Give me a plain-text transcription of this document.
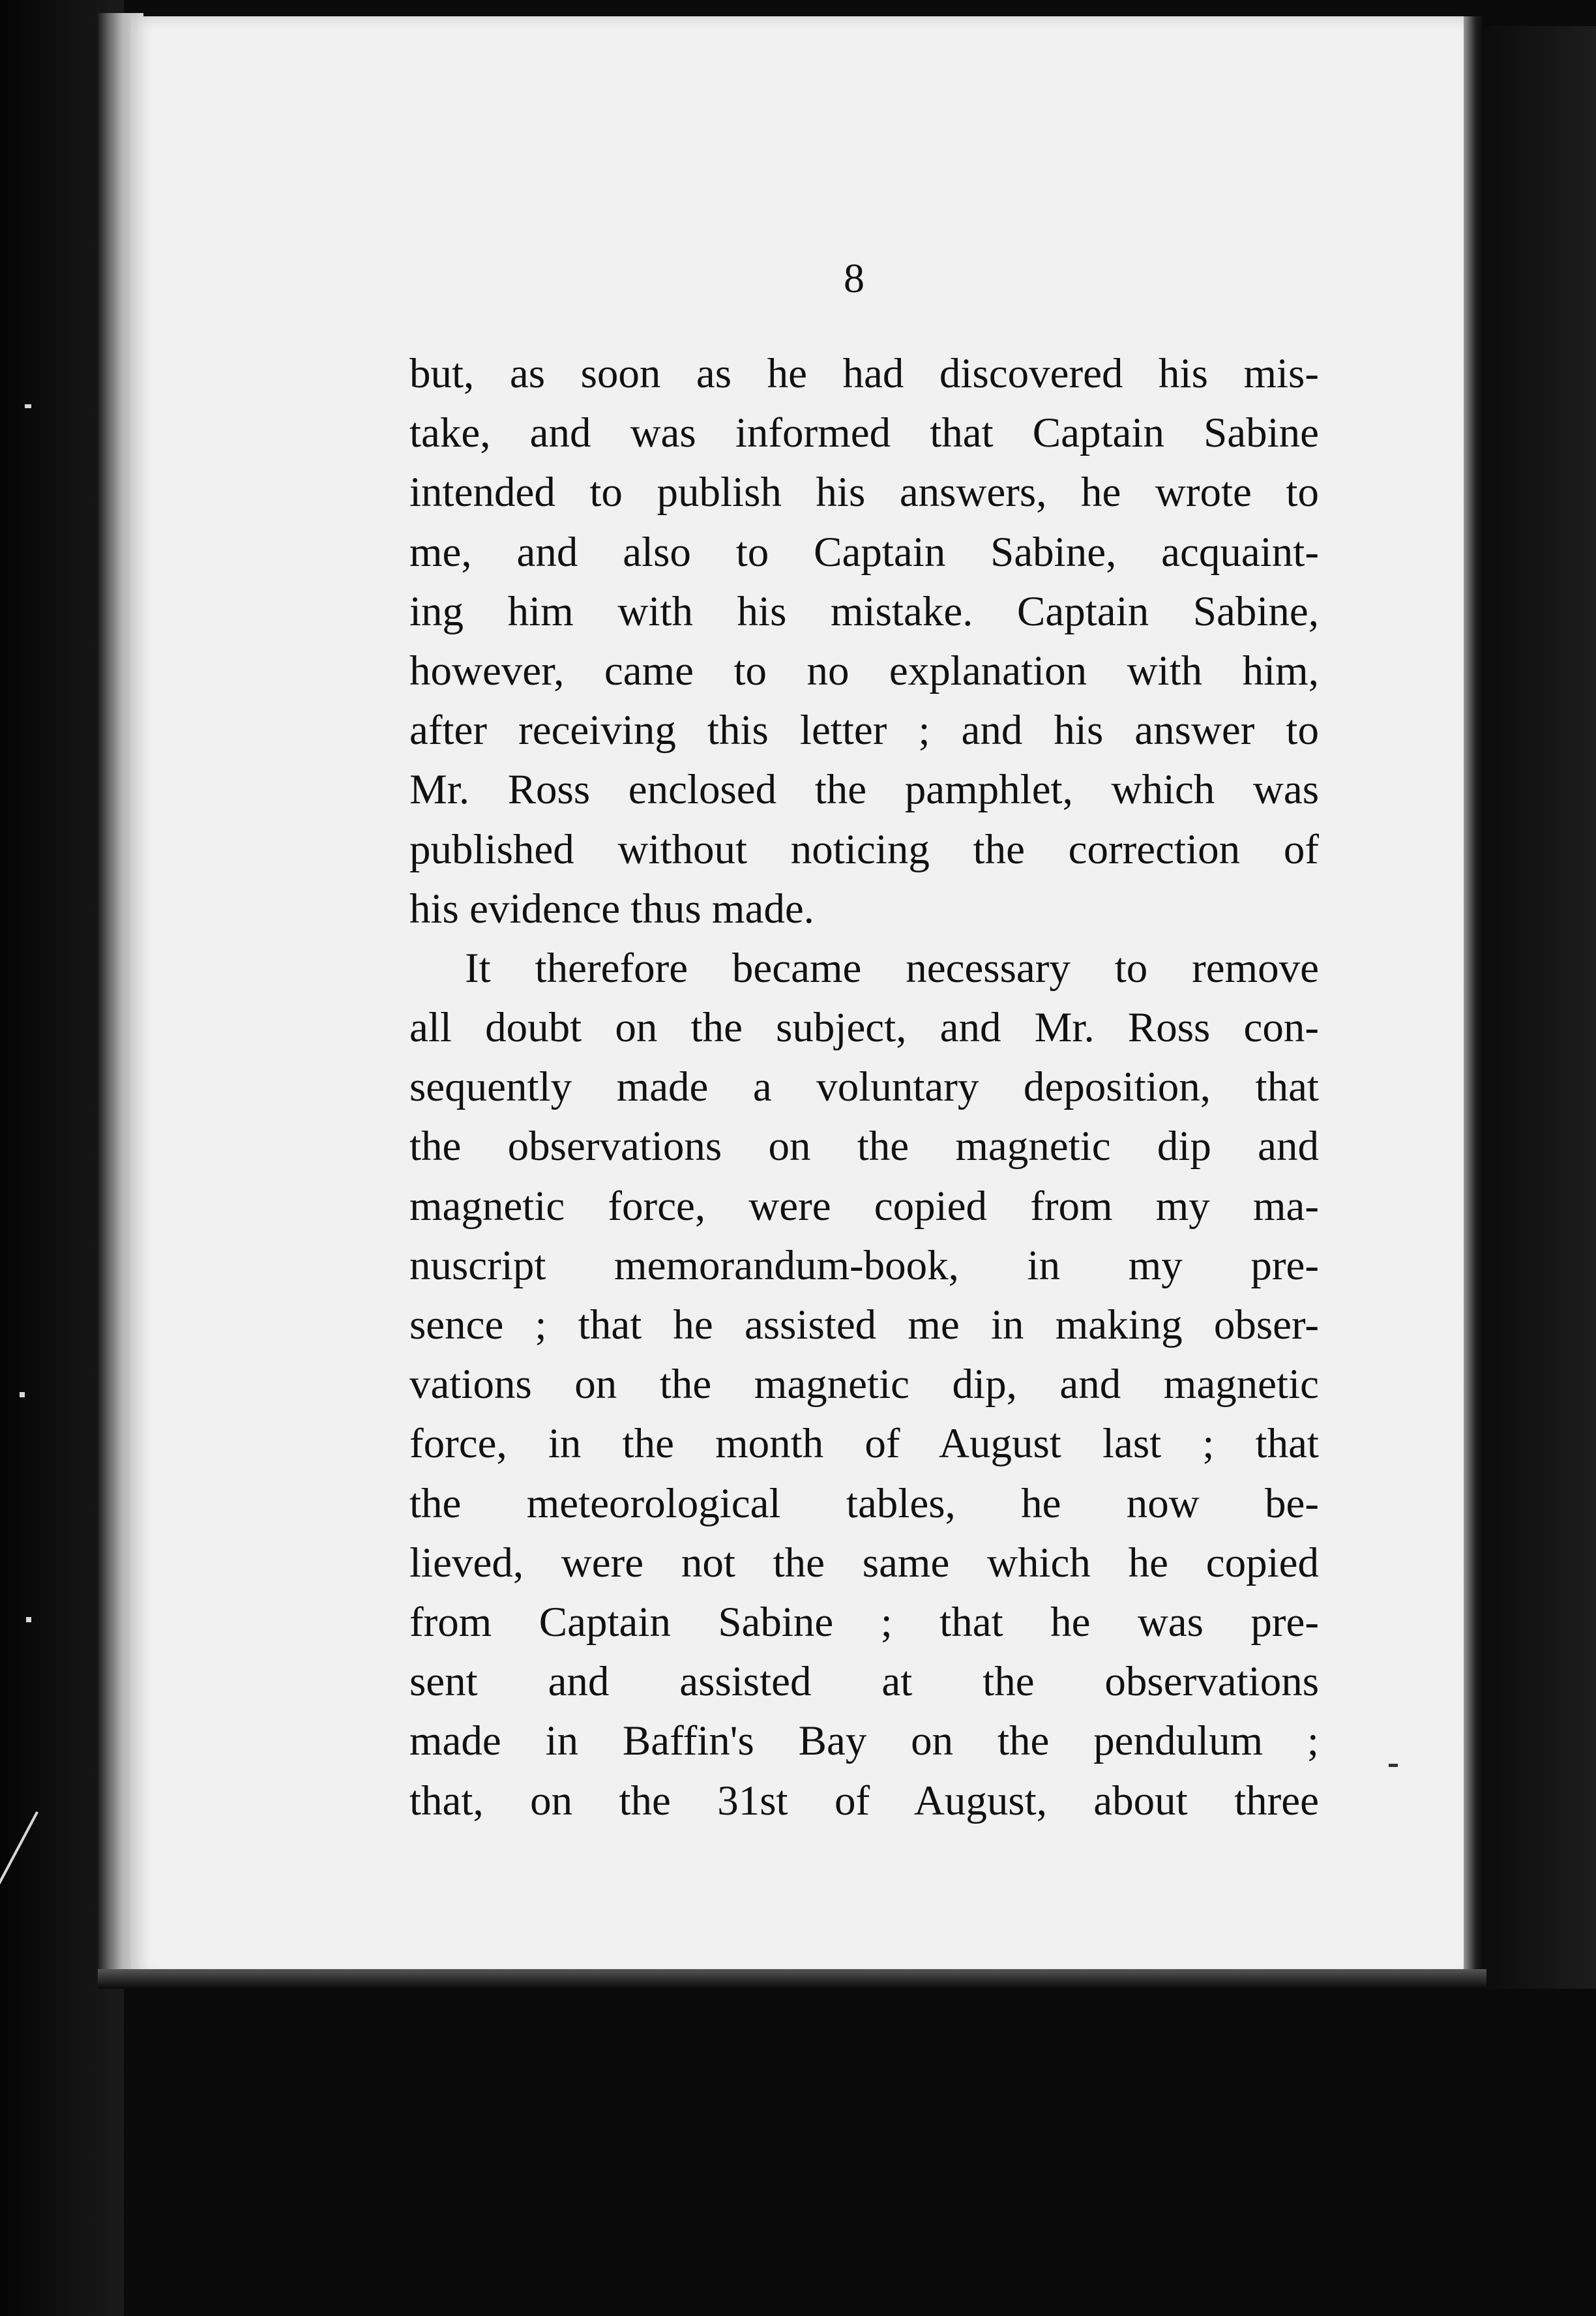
8
but, as soon as he had discovered his mis-
take, and was informed that Captain Sabine
intended to publish his answers, he wrote to
me, and also to Captain Sabine, acquaint-
ing him with his mistake. Captain Sabine,
however, came to no explanation with him,
after receiving this letter ; and his answer to
Mr. Ross enclosed the pamphlet, which was
published without noticing the correction of
his evidence thus made.
It therefore became necessary to remove
all doubt on the subject, and Mr. Ross con-
sequently made a voluntary deposition, that
the observations on the magnetic dip and
magnetic force, were copied from my ma-
nuscript memorandum-book, in my pre-
sence ; that he assisted me in making obser-
vations on the magnetic dip, and magnetic
force, in the month of August last ; that
the meteorological tables, he now be-
lieved, were not the same which he copied
from Captain Sabine ; that he was pre-
sent and assisted at the observations
made in Baffin's Bay on the pendulum ;
that, on the 31st of August, about three
